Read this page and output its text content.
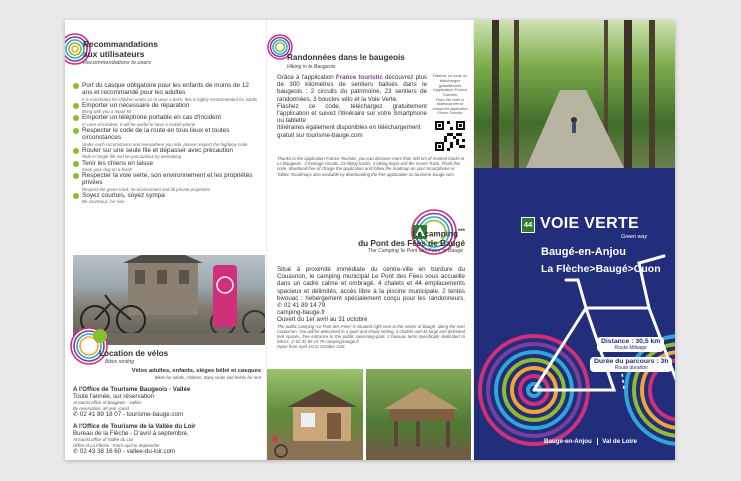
Recommandations
aux utilisateurs
Recommendations to users
Port du casque obligatoire pour les enfants de moins de 12 ans et recommandé pour les adultes
It is mandatory for children under 12 to wear a helm, this is highly recommended for adults
Emporter un nécessaire de réparation
Bring with you a repair kit
Emporter un téléphone portable en cas d'incident
In case of incident, it will be useful to have a mobile phone
Respecter le code de la route en tous lieux et toutes circonstances
Under each circumstance and everywhere you ride, please respect the highway code
Rouler sur une seule file et dépasser avec précaution
Ride in single file and be precautious by overtaking
Tenir les chiens en laisse
Keep your dog on a leash
Respecter la voie verte, son environnement et les propriétés privées
Respect the green track, its environment and all private properties
Soyez courtois, soyez sympa
Be courteous, be nice
Location de vélos
Bikes renting
Vélos adultes, enfants, sièges bébé et casques
Bikes for adults, children, Baby seats and helms for rent
A l'Office de Tourisme Baugeois - Vallée
Toute l'année, sur réservation
At tourist office of Baugeois - Vallée
By reservation, all year round
✆ 02 41 89 18 07 - tourisme-bauge.com
A l'Office de Tourisme de la Vallée du Loir
Bureau de la Flèche - D'avril à septembre,
At tourist office of Vallée du Loir
Office of La Flèche - From April to September
✆ 02 43 38 16 60 - vallee-du-loir.com
Randonnées dans le baugeois
Hiking in le Baugeois
Grâce à l'application France touristic découvrez plus de 300 kilomètres de sentiers balisés dans le baugeois : 2 circuits du patrimoine, 23 sentiers de randonnées, 3 boucles vélo et la Voie Verte.
Flashez ce code, téléchargez gratuitement l'application et suivez l'itinéraire sur votre Smartphone ou tablette
Itinéraires également disponibles en téléchargement gratuit sur tourisme-bauge.com
Thanks to the application France Touristic, you can discover more than 300 km of marked tracks in Le Baugeois : 2 heritage circuits, 23 hiking tracks, 3 biking loops and the Green Track. Flash this code, download free of charge the application and follow the roadmap on your Smartphone or Tablet. Roadmaps also available by downloading the free application on tourisme-bauge.com
Flashez ce code ou téléchargez gratuitement l'application France Touristic
Flash this code or download free of charge the application France Touristic
Le camping***
du Pont des Fées de Baugé
The Camping 'le Pont des Fées' in Baugé
Situé à proximité immédiate du centre-ville en bordure du Couasnon, le camping municipal Le Pont des Fées vous accueille dans un cadre calme et ombragé. 4 chalets et 44 emplacements spacieux et délimités, accès libre à la piscine municipale, 2 tentes bivouac : hébergement spécialement conçu pour les randonneurs. ✆ 02 41 89 14 79
camping-bauge.fr
Ouvert du 1er avril au 31 octobre
The public camping 'Le Pont des Fées' is situated right next to the centre of Baugé, along the river Couasnon. You will be welcomed in a quiet and shady setting. 4 chalets and 44 large and delimited tent spaces, free entrance to the public swimming-pool. 2 bivouac tents specifically dedicated to hikers. ✆ 02 41 89 14 79 camping-bauge.fr
Open from April 1st to October 31st.
44 VOIE VERTE
Green way
Baugé-en-Anjou
La Flèche>Baugé>Cuon
Distance : 30,5 km
Route Mileage
Durée du parcours : 3h
Route duration
Baugé-en-Anjou Val de Loire
